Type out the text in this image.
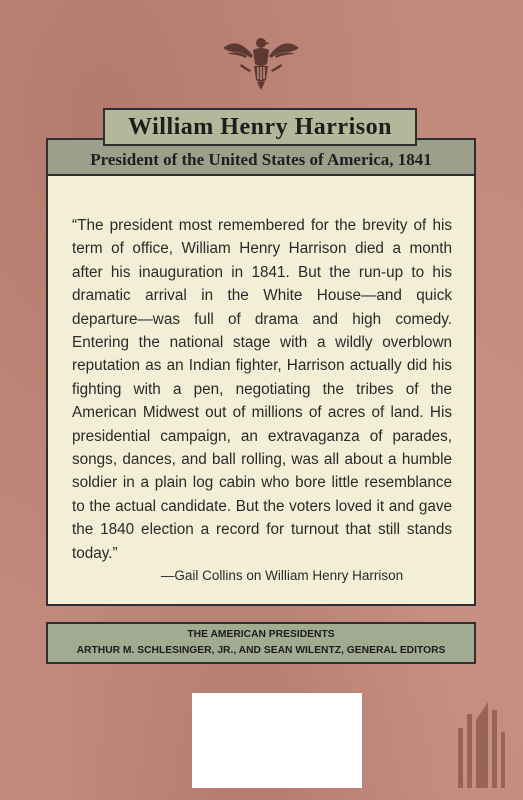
William Henry Harrison
President of the United States of America, 1841

“The president most remembered for the brevity of his term of office, William Henry Harrison died a month after his inauguration in 1841. But the run-up to his dramatic arrival in the White House—and quick departure—was full of drama and high comedy. Entering the national stage with a wildly overblown reputation as an Indian fighter, Harrison actually did his fighting with a pen, negotiating the tribes of the American Midwest out of millions of acres of land. His presidential campaign, an extravaganza of parades, songs, dances, and ball rolling, was all about a humble soldier in a plain log cabin who bore little resemblance to the actual candidate. But the voters loved it and gave the 1840 election a record for turnout that still stands today.”

—Gail Collins on William Henry Harrison
THE AMERICAN PRESIDENTS
ARTHUR M. SCHLESINGER, JR., AND SEAN WILENTZ, GENERAL EDITORS
